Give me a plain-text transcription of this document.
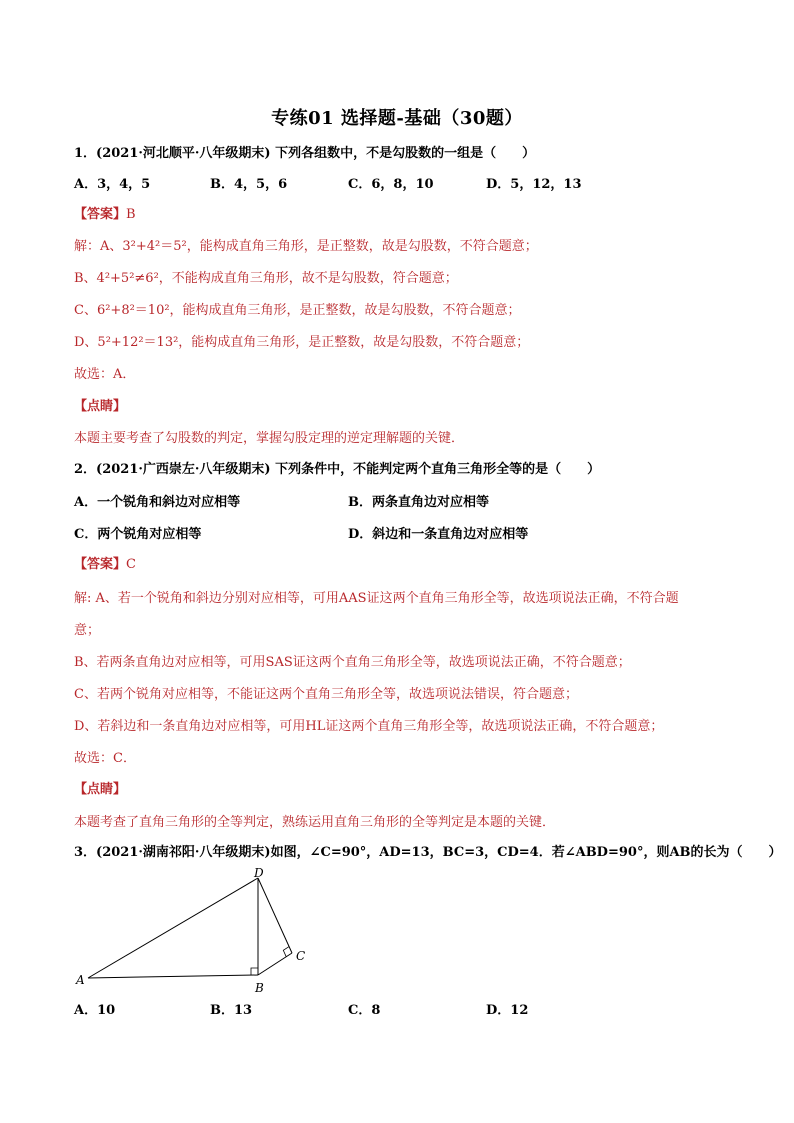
专练01 选择题-基础（30题）
1．(2021·河北顺平·八年级期末) 下列各组数中，不是勾股数的一组是（　　）
A．3，4，5	B．4，5，6	C．6，8，10	D．5，12，13
【答案】B
解：A、3²+4²＝5²，能构成直角三角形，是正整数，故是勾股数，不符合题意；
B、4²+5²≠6²，不能构成直角三角形，故不是勾股数，符合题意；
C、6²+8²＝10²，能构成直角三角形，是正整数，故是勾股数，不符合题意；
D、5²+12²＝13²，能构成直角三角形，是正整数，故是勾股数，不符合题意；
故选：A．
【点睛】
本题主要考查了勾股数的判定，掌握勾股定理的逆定理解题的关键．
2．(2021·广西崇左·八年级期末) 下列条件中，不能判定两个直角三角形全等的是（　　）
A．一个锐角和斜边对应相等	B．两条直角边对应相等
C．两个锐角对应相等	D．斜边和一条直角边对应相等
【答案】C
解: A、若一个锐角和斜边分别对应相等，可用AAS证这两个直角三角形全等，故选项说法正确，不符合题
意；
B、若两条直角边对应相等，可用SAS证这两个直角三角形全等，故选项说法正确，不符合题意；
C、若两个锐角对应相等，不能证这两个直角三角形全等，故选项说法错误，符合题意；
D、若斜边和一条直角边对应相等，可用HL证这两个直角三角形全等，故选项说法正确，不符合题意；
故选：C．
【点睛】
本题考查了直角三角形的全等判定，熟练运用直角三角形的全等判定是本题的关键．
3．(2021·湖南祁阳·八年级期末)如图，∠C=90°，AD=13，BC=3，CD=4．若∠ABD=90°，则AB的长为（　　）
A
B
C
D
A．10	B．13	C．8	D．12
